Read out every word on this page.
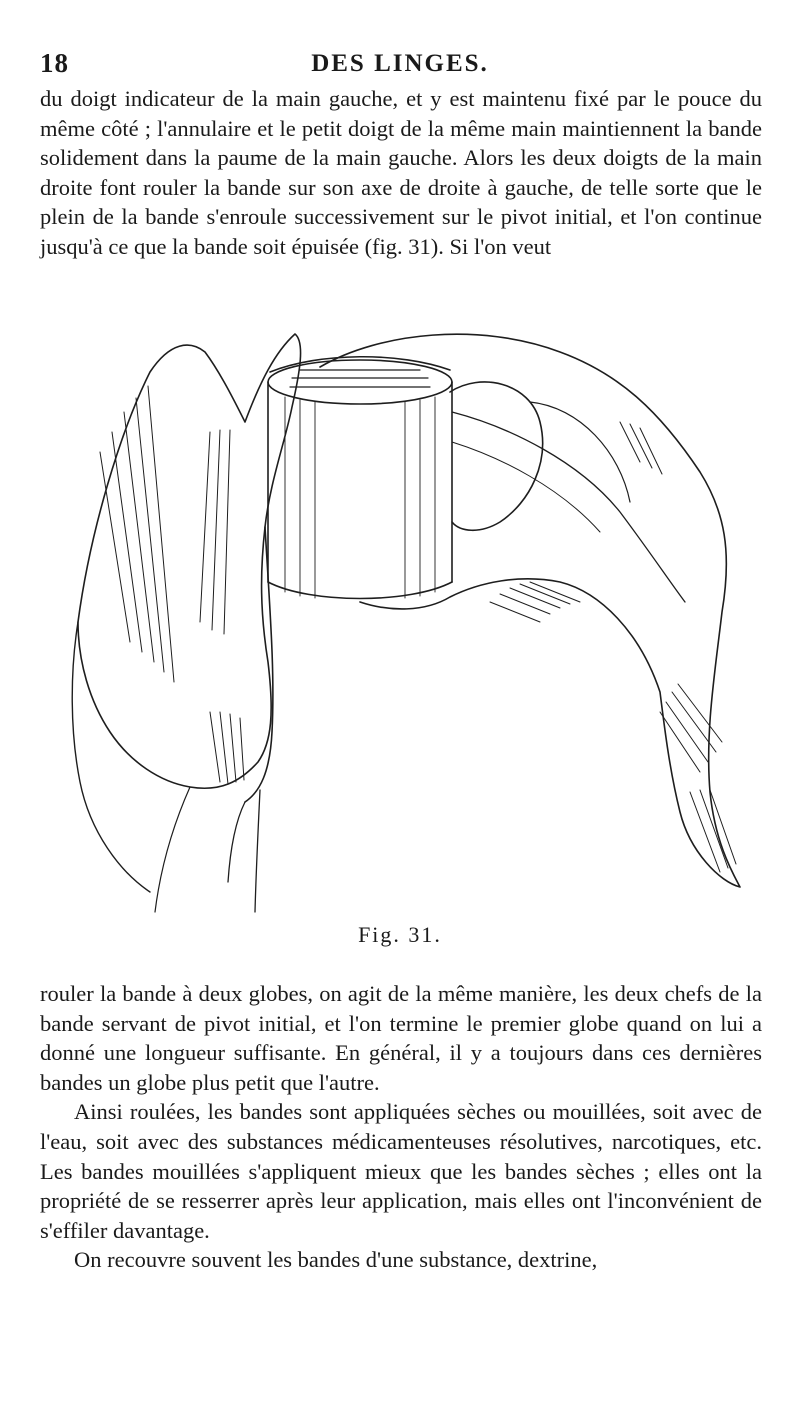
18	DES LINGES.

du doigt indicateur de la main gauche, et y est maintenu fixé par le pouce du même côté ; l'annulaire et le petit doigt de la même main maintiennent la bande solidement dans la paume de la main gauche. Alors les deux doigts de la main droite font rouler la bande sur son axe de droite à gauche, de telle sorte que le plein de la bande s'enroule successivement sur le pivot initial, et l'on continue jusqu'à ce que la bande soit épuisée (fig. 31). Si l'on veut

Fig. 31.

rouler la bande à deux globes, on agit de la même manière, les deux chefs de la bande servant de pivot initial, et l'on termine le premier globe quand on lui a donné une longueur suffisante. En général, il y a toujours dans ces dernières bandes un globe plus petit que l'autre.

Ainsi roulées, les bandes sont appliquées sèches ou mouillées, soit avec de l'eau, soit avec des substances médicamenteuses résolutives, narcotiques, etc. Les bandes mouillées s'appliquent mieux que les bandes sèches ; elles ont la propriété de se resserrer après leur application, mais elles ont l'inconvénient de s'effiler davantage.

On recouvre souvent les bandes d'une substance, dextrine,
